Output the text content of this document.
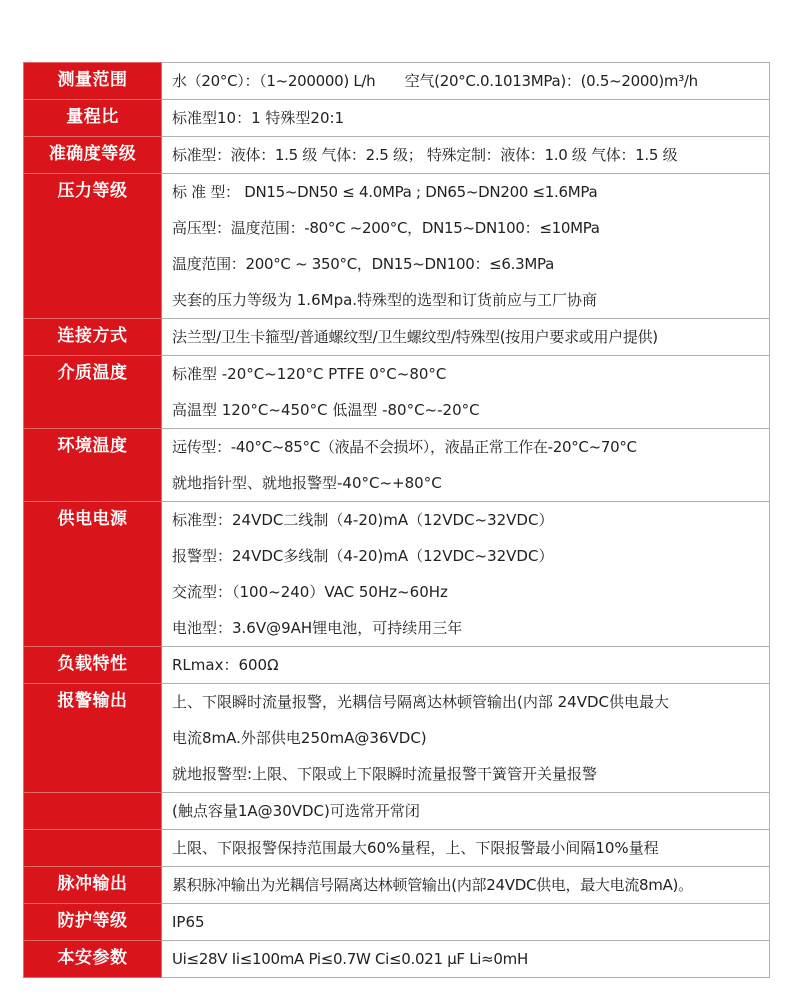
测量范围	水（20°C）：（1~200000) L/h　　空气(20°C.0.1013MPa)：(0.5~2000)m³/h

量程比	标准型10：1 特殊型20:1

准确度等级	标准型：液体：1.5 级 气体：2.5 级； 特殊定制：液体：1.0 级 气体：1.5 级

压力等级	标 准 型： DN15~DN50 ≤ 4.0MPa ; DN65~DN200 ≤1.6MPa
高压型：温度范围：-80°C ~200°C，DN15~DN100：≤10MPa
温度范围：200°C ~ 350°C，DN15~DN100：≤6.3MPa
夹套的压力等级为 1.6Mpa.特殊型的选型和订货前应与工厂协商

连接方式	法兰型/卫生卡箍型/普通螺纹型/卫生螺纹型/特殊型(按用户要求或用户提供)

介质温度	标准型 -20°C~120°C PTFE 0°C~80°C
高温型 120°C~450°C 低温型 -80°C~-20°C

环境温度	远传型：-40°C~85°C（液晶不会损坏），液晶正常工作在-20°C~70°C
就地指针型、就地报警型-40°C~+80°C

供电电源	标准型：24VDC二线制（4-20)mA（12VDC~32VDC）
报警型：24VDC多线制（4-20)mA（12VDC~32VDC）
交流型：（100~240）VAC 50Hz~60Hz
电池型：3.6V@9AH锂电池，可持续用三年

负载特性	RLmax：600Ω

报警输出	上、下限瞬时流量报警，光耦信号隔离达林顿管输出(内部 24VDC供电最大
电流8mA.外部供电250mA@36VDC)
就地报警型:上限、下限或上下限瞬时流量报警干簧管开关量报警

	(触点容量1A@30VDC)可选常开常闭

	上限、下限报警保持范围最大60%量程，上、下限报警最小间隔10%量程

脉冲输出	累积脉冲输出为光耦信号隔离达林顿管输出(内部24VDC供电，最大电流8mA)。

防护等级	IP65

本安参数	Ui≤28V Ii≤100mA Pi≤0.7W Ci≤0.021 μF Li≈0mH
